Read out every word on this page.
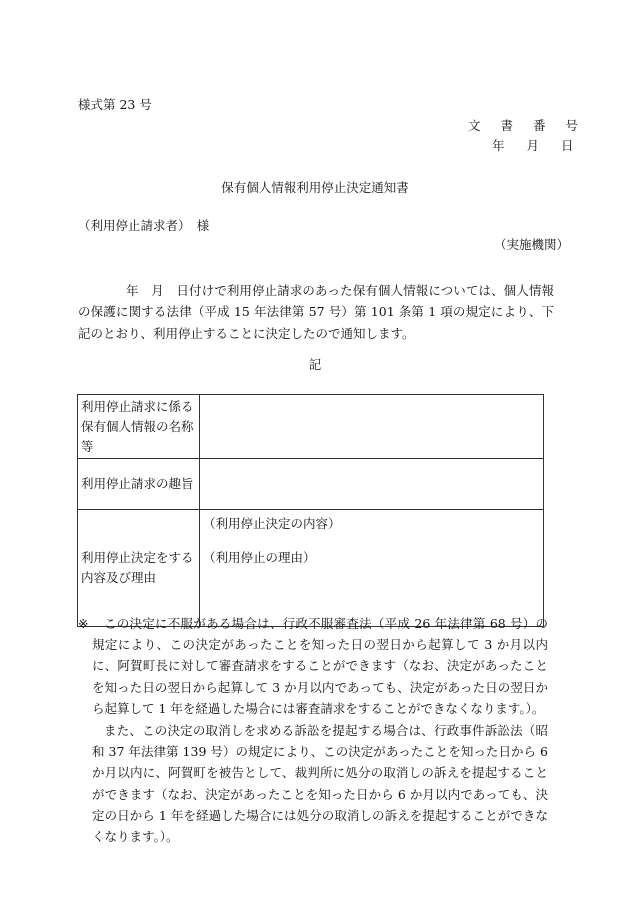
様式第 23 号
文 書 番 号
年 月 日
保有個人情報利用停止決定通知書
（利用停止請求者）　様
（実施機関）
年　月　日付けで利用停止請求のあった保有個人情報については、個人情報の保護に関する法律（平成 15 年法律第 57 号）第 101 条第 1 項の規定により、下記のとおり、利用停止することに決定したので通知します。
記
利用停止請求に係る保有個人情報の名称等	
利用停止請求の趣旨	
利用停止決定をする内容及び理由	（利用停止決定の内容）
（利用停止の理由）
※	この決定に不服がある場合は、行政不服審査法（平成 26 年法律第 68 号）の規定により、この決定があったことを知った日の翌日から起算して 3 か月以内に、阿賀町長に対して審査請求をすることができます（なお、決定があったことを知った日の翌日から起算して 3 か月以内であっても、決定があった日の翌日から起算して 1 年を経過した場合には審査請求をすることができなくなります。）。
また、この決定の取消しを求める訴訟を提起する場合は、行政事件訴訟法（昭和 37 年法律第 139 号）の規定により、この決定があったことを知った日から 6 か月以内に、阿賀町を被告として、裁判所に処分の取消しの訴えを提起することができます（なお、決定があったことを知った日から 6 か月以内であっても、決定の日から 1 年を経過した場合には処分の取消しの訴えを提起することができなくなります。）。
